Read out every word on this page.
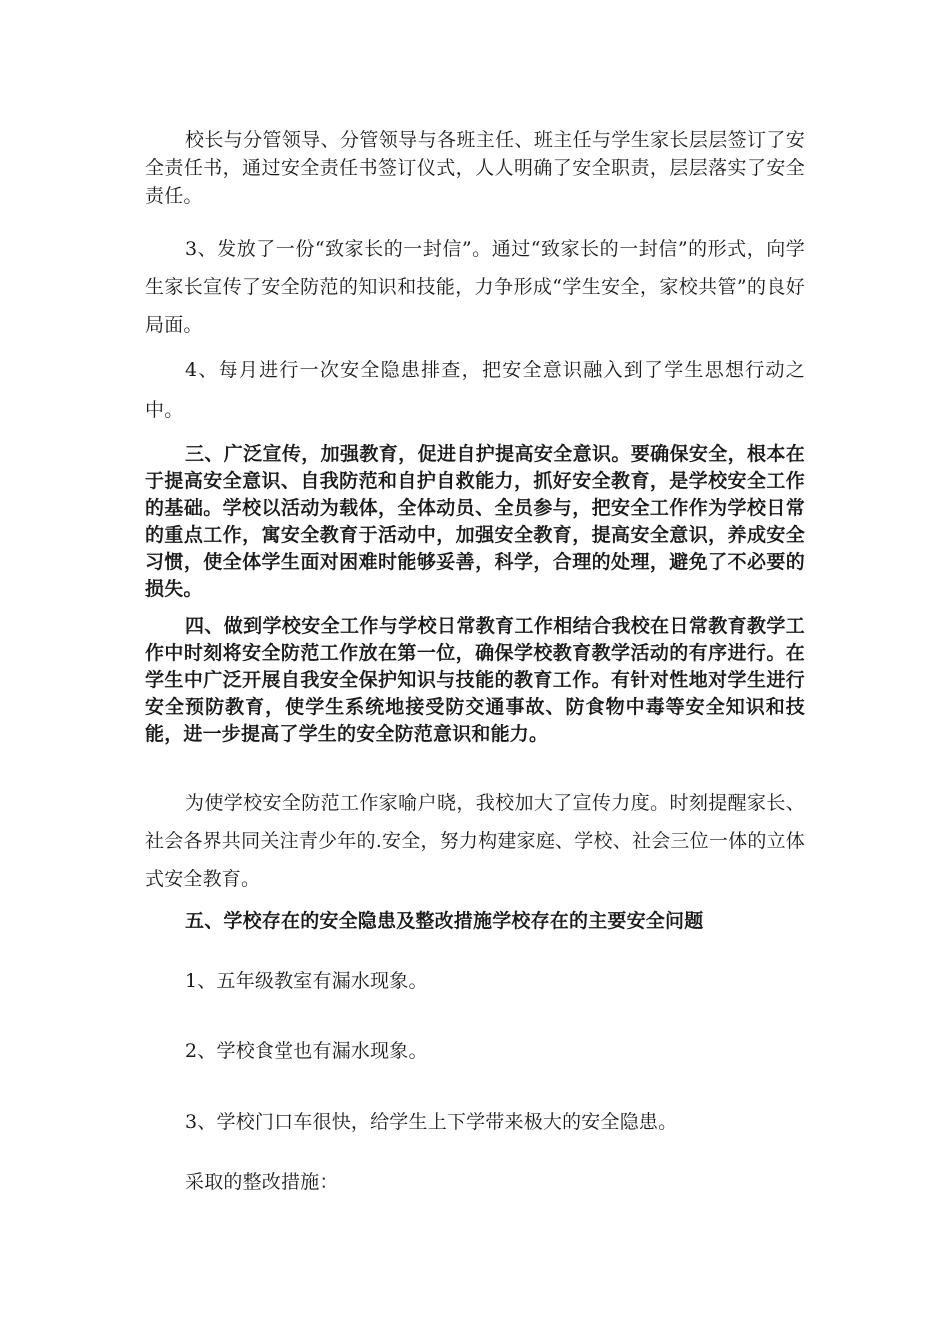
校长与分管领导、分管领导与各班主任、班主任与学生家长层层签订了安全责任书，通过安全责任书签订仪式，人人明确了安全职责，层层落实了安全责任。

3、发放了一份“致家长的一封信”。通过“致家长的一封信”的形式，向学生家长宣传了安全防范的知识和技能，力争形成“学生安全，家校共管”的良好局面。

4、每月进行一次安全隐患排查，把安全意识融入到了学生思想行动之中。

三、广泛宣传，加强教育，促进自护提高安全意识。要确保安全，根本在于提高安全意识、自我防范和自护自救能力，抓好安全教育，是学校安全工作的基础。学校以活动为载体，全体动员、全员参与，把安全工作作为学校日常的重点工作，寓安全教育于活动中，加强安全教育，提高安全意识，养成安全习惯，使全体学生面对困难时能够妥善，科学，合理的处理，避免了不必要的损失。

四、做到学校安全工作与学校日常教育工作相结合我校在日常教育教学工作中时刻将安全防范工作放在第一位，确保学校教育教学活动的有序进行。在学生中广泛开展自我安全保护知识与技能的教育工作。有针对性地对学生进行安全预防教育，使学生系统地接受防交通事故、防食物中毒等安全知识和技能，进一步提高了学生的安全防范意识和能力。

为使学校安全防范工作家喻户晓，我校加大了宣传力度。时刻提醒家长、社会各界共同关注青少年的.安全，努力构建家庭、学校、社会三位一体的立体式安全教育。

五、学校存在的安全隐患及整改措施学校存在的主要安全问题

1、五年级教室有漏水现象。

2、学校食堂也有漏水现象。

3、学校门口车很快，给学生上下学带来极大的安全隐患。

采取的整改措施：
